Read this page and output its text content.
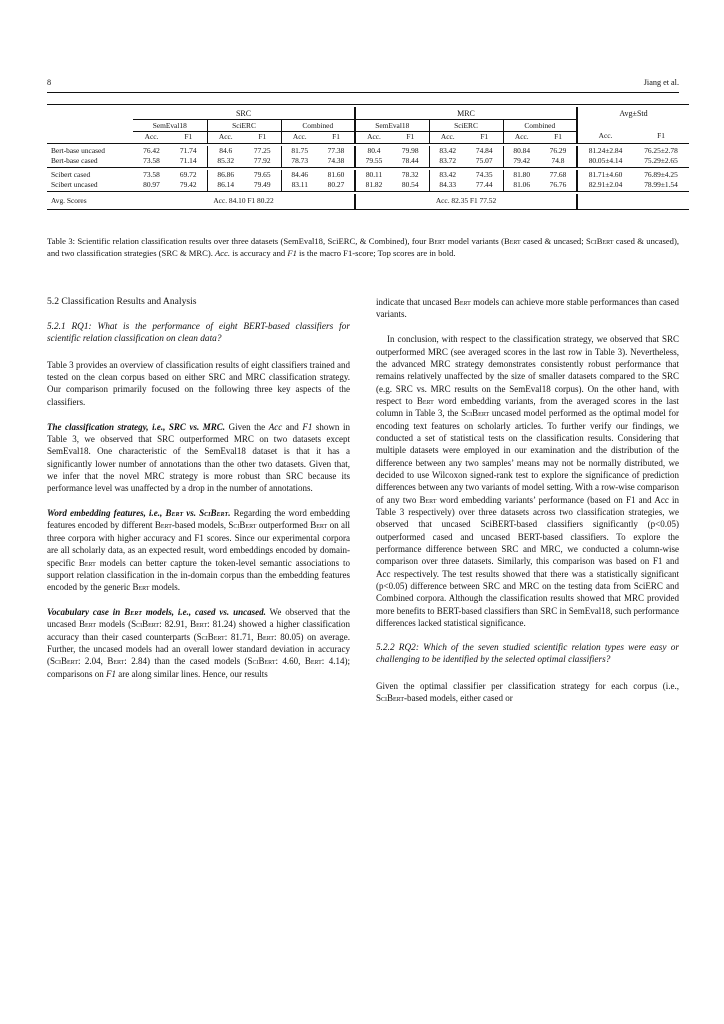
8	Jiang et al.

	SRC						MRC						Avg±Std	
	SemEval18		SciERC		Combined		SemEval18		SciERC		Combined			
	Acc.	F1	Acc.	F1	Acc.	F1	Acc.	F1	Acc.	F1	Acc.	F1	Acc.	F1

Bert-base uncased	76.42	71.74	84.6	77.25	81.75	77.38	80.4	79.98	83.42	74.84	80.84	76.29	81.24±2.84	76.25±2.78
Bert-base cased	73.58	71.14	85.32	77.92	78.73	74.38	79.55	78.44	83.72	75.07	79.42	74.8	80.05±4.14	75.29±2.65

Scibert cased	73.58	69.72	86.86	79.65	84.46	81.60	80.11	78.32	83.42	74.35	81.80	77.68	81.71±4.60	76.89±4.25
Scibert uncased	80.97	79.42	86.14	79.49	83.11	80.27	81.82	80.54	84.33	77.44	81.06	76.76	82.91±2.04	78.99±1.54

Avg. Scores	Acc. 84.10 F1 80.22						Acc. 82.35 F1 77.52							

Table 3: Scientific relation classification results over three datasets (SemEval18, SciERC, & Combined), four Bert model variants (Bert cased & uncased; SciBert cased & uncased), and two classification strategies (SRC & MRC). Acc. is accuracy and F1 is the macro F1-score; Top scores are in bold.
5.2 Classification Results and Analysis
5.2.1 RQ1: What is the performance of eight BERT-based classifiers for scientific relation classification on clean data?

Table 3 provides an overview of classification results of eight classifiers trained and tested on the clean corpus based on either SRC and MRC classification strategy. Our comparison primarily focused on the following three key aspects of the classifiers.

The classification strategy, i.e., SRC vs. MRC. Given the Acc and F1 shown in Table 3, we observed that SRC outperformed MRC on two datasets except SemEval18. One characteristic of the SemEval18 dataset is that it has a significantly lower number of annotations than the other two datasets. Given that, we infer that the novel MRC strategy is more robust than SRC because its performance level was unaffected by a drop in the number of annotations.

Word embedding features, i.e., Bert vs. SciBert. Regarding the word embedding features encoded by different Bert-based models, SciBert outperformed Bert on all three corpora with higher accuracy and F1 scores. Since our experimental corpora are all scholarly data, as an expected result, word embeddings encoded by domain-specific Bert models can better capture the token-level semantic associations to support relation classification in the in-domain corpus than the embedding features encoded by the generic Bert models.

Vocabulary case in Bert models, i.e., cased vs. uncased. We observed that the uncased Bert models (SciBert: 82.91, Bert: 81.24) showed a higher classification accuracy than their cased counterparts (SciBert: 81.71, Bert: 80.05) on average. Further, the uncased models had an overall lower standard deviation in accuracy (SciBert: 2.04, Bert: 2.84) than the cased models (SciBert: 4.60, Bert: 4.14); comparisons on F1 are along similar lines. Hence, our results

indicate that uncased Bert models can achieve more stable performances than cased variants.

In conclusion, with respect to the classification strategy, we observed that SRC outperformed MRC (see averaged scores in the last row in Table 3). Nevertheless, the advanced MRC strategy demonstrates consistently robust performance that remains relatively unaffected by the size of smaller datasets compared to the SRC (e.g. SRC vs. MRC results on the SemEval18 corpus). On the other hand, with respect to Bert word embedding variants, from the averaged scores in the last column in Table 3, the SciBert uncased model performed as the optimal model for encoding text features on scholarly articles. To further verify our findings, we conducted a set of statistical tests on the classification results. Considering that multiple datasets were employed in our examination and the distribution of the difference between any two samples’ means may not be normally distributed, we decided to use Wilcoxon signed-rank test to explore the significance of prediction differences between any two variants of model setting. With a row-wise comparison of any two Bert word embedding variants’ performance (based on F1 and Acc in Table 3 respectively) over three datasets across two classification strategies, we observed that uncased SciBERT-based classifiers significantly (p<0.05) outperformed cased and uncased BERT-based classifiers. To explore the performance difference between SRC and MRC, we conducted a column-wise comparison over three datasets. Similarly, this comparison was based on F1 and Acc respectively. The test results showed that there was a statistically significant (p<0.05) difference between SRC and MRC on the testing data from SciERC and Combined corpora. Although the classification results showed that MRC provided more benefits to BERT-based classifiers than SRC in SemEval18, such performance differences lacked statistical significance.

5.2.2 RQ2: Which of the seven studied scientific relation types were easy or challenging to be identified by the selected optimal classifiers?

Given the optimal classifier per classification strategy for each corpus (i.e., SciBert-based models, either cased or
